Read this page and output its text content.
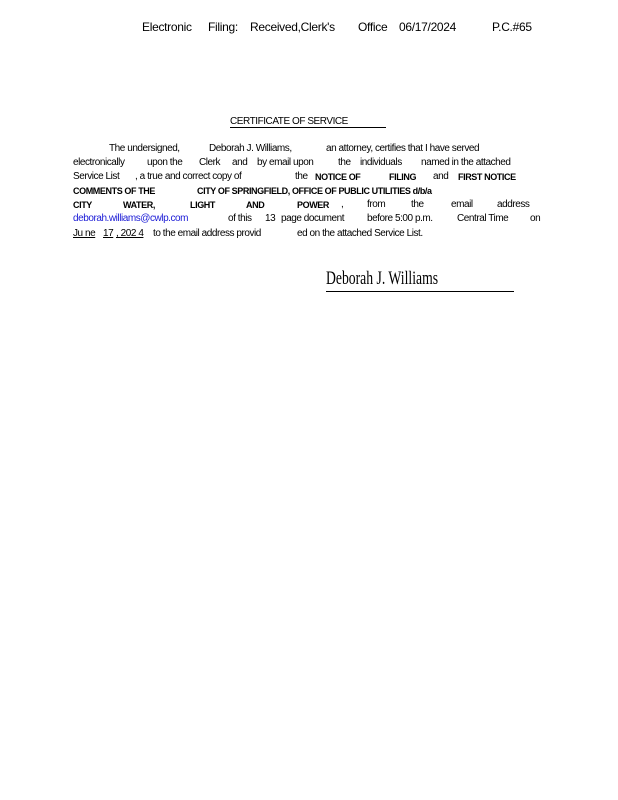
Electronic Filing: Received,Clerk's Office 06/17/2024	P.C.#65
CERTIFICATE OF SERVICE
The undersigned,	Deborah J. Williams,	an attorney, certifies that I have served
electronically upon the Clerk and by email upon the individuals named in the attached
Service List , a true and correct copy of	the NOTICE OF	FILING and FIRST NOTICE
COMMENTS OF THE	CITY OF SPRINGFIELD, OFFICE OF PUBLIC UTILITIES d/b/a
CITY	WATER,	LIGHT	AND	POWER , from	the	email address
deborah.williams@cwlp.com	of this 13 page document before 5:00 p.m. Central Time on
Ju ne 17 , 202 4 to the email address provid	ed on the attached Service List.
Deborah J. Williams
